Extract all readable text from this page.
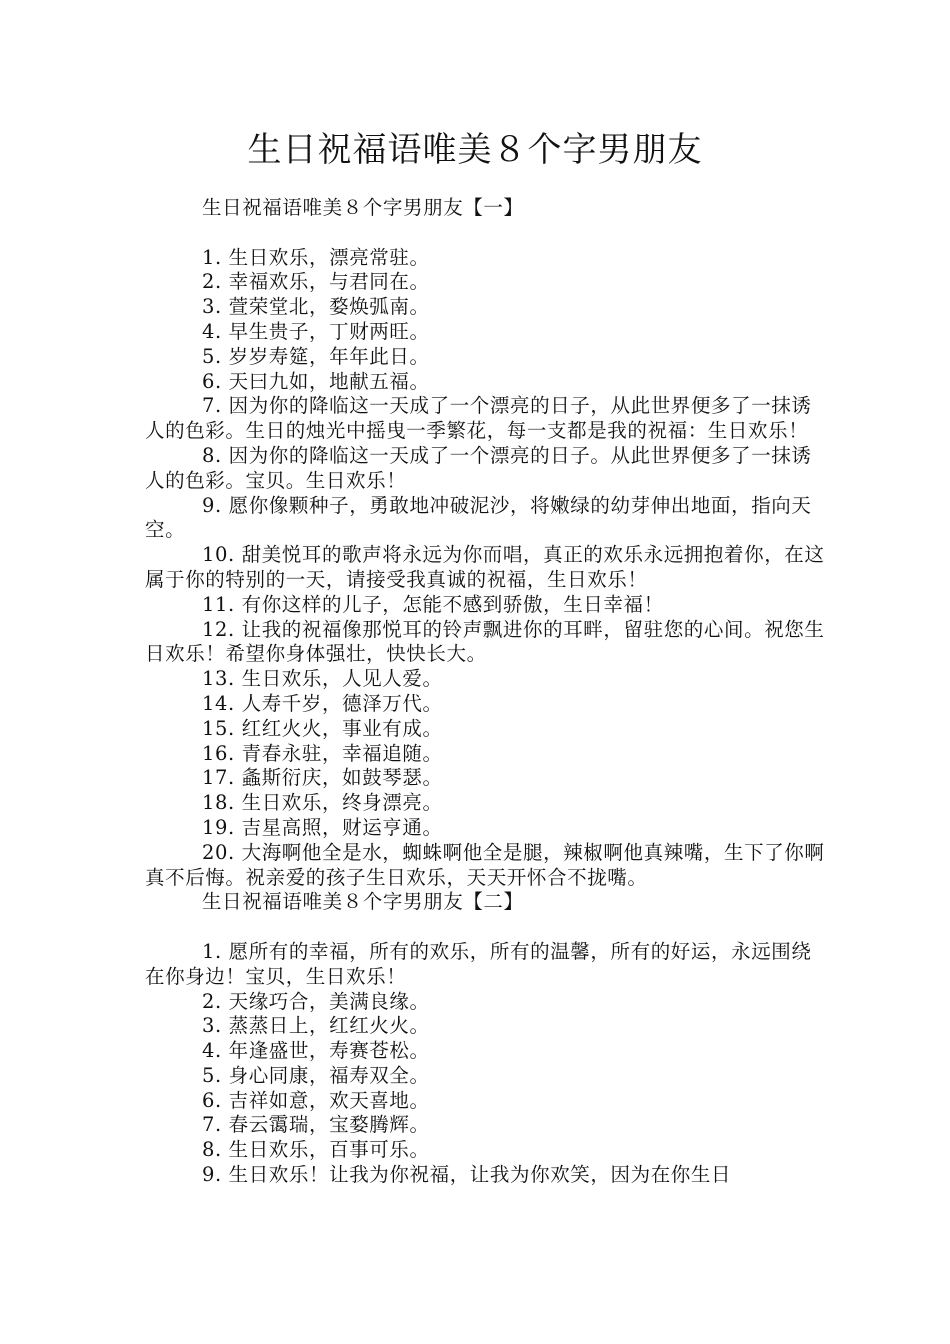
生日祝福语唯美８个字男朋友

生日祝福语唯美８个字男朋友【一】

1. 生日欢乐，漂亮常驻。

2. 幸福欢乐，与君同在。

3. 萱荣堂北，婺焕弧南。

4. 早生贵子，丁财两旺。

5. 岁岁寿筵，年年此日。

6. 天曰九如，地献五福。

7. 因为你的降临这一天成了一个漂亮的日子，从此世界便多了一抹诱人的色彩。生日的烛光中摇曳一季繁花，每一支都是我的祝福：生日欢乐！

8. 因为你的降临这一天成了一个漂亮的日子。从此世界便多了一抹诱人的色彩。宝贝。生日欢乐！

9. 愿你像颗种子，勇敢地冲破泥沙，将嫩绿的幼芽伸出地面，指向天空。

10. 甜美悦耳的歌声将永远为你而唱，真正的欢乐永远拥抱着你，在这属于你的特别的一天，请接受我真诚的祝福，生日欢乐！

11. 有你这样的儿子，怎能不感到骄傲，生日幸福！

12. 让我的祝福像那悦耳的铃声飘进你的耳畔，留驻您的心间。祝您生日欢乐！希望你身体强壮，快快长大。

13. 生日欢乐，人见人爱。

14. 人寿千岁，德泽万代。

15. 红红火火，事业有成。

16. 青春永驻，幸福追随。

17. 螽斯衍庆，如鼓琴瑟。

18. 生日欢乐，终身漂亮。

19. 吉星高照，财运亨通。

20. 大海啊他全是水，蜘蛛啊他全是腿，辣椒啊他真辣嘴，生下了你啊真不后悔。祝亲爱的孩子生日欢乐，天天开怀合不拢嘴。

生日祝福语唯美８个字男朋友【二】

1. 愿所有的幸福，所有的欢乐，所有的温馨，所有的好运，永远围绕在你身边！宝贝，生日欢乐！

2. 天缘巧合，美满良缘。

3. 蒸蒸日上，红红火火。

4. 年逢盛世，寿赛苍松。

5. 身心同康，福寿双全。

6. 吉祥如意，欢天喜地。

7. 春云霭瑞，宝婺腾辉。

8. 生日欢乐，百事可乐。

9. 生日欢乐！让我为你祝福，让我为你欢笑，因为在你生日
